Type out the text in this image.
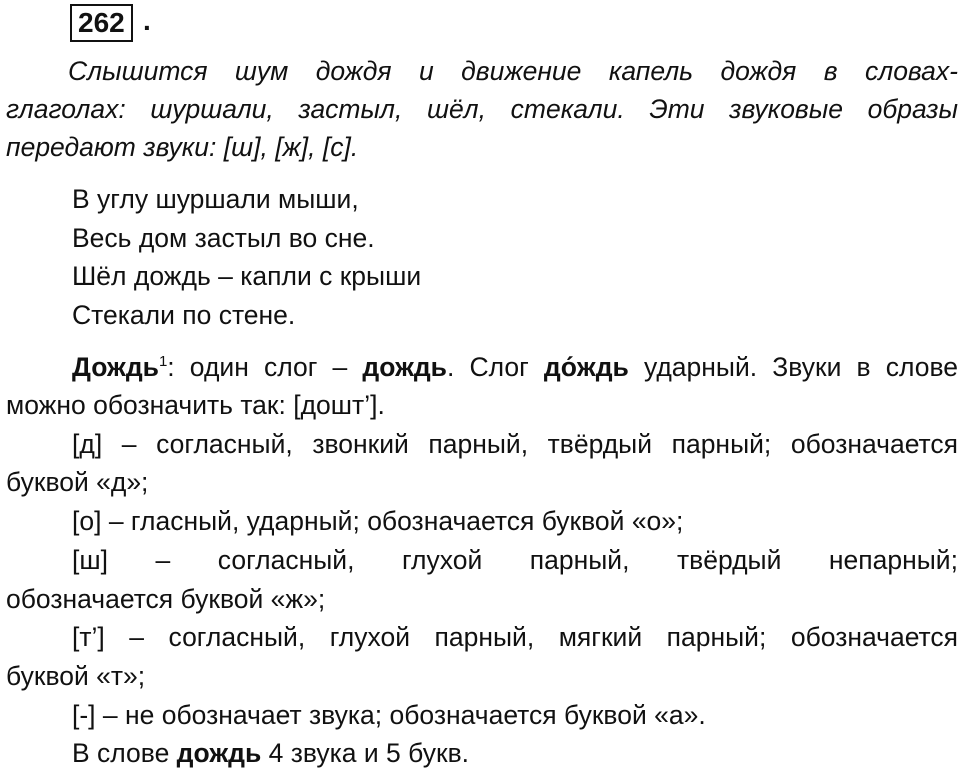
262 .
Слышится шум дождя и движение капель дождя в словах-
глаголах: шуршали, застыл, шёл, стекали. Эти звуковые образы
передают звуки: [ш], [ж], [с].
В углу шуршали мыши,
Весь дом застыл во сне.
Шёл дождь – капли с крыши
Стекали по стене.
Дождь$^1$: один слог – дождь. Слог до́ждь ударный. Звуки в слове
можно обозначить так: [дошт’].
[д] – согласный, звонкий парный, твёрдый парный; обозначается
буквой «д»;
[о] – гласный, ударный; обозначается буквой «о»;
[ш] – согласный, глухой парный, твёрдый непарный;
обозначается буквой «ж»;
[т’] – согласный, глухой парный, мягкий парный; обозначается
буквой «т»;
[-] – не обозначает звука; обозначается буквой «а».
В слове дождь 4 звука и 5 букв.
